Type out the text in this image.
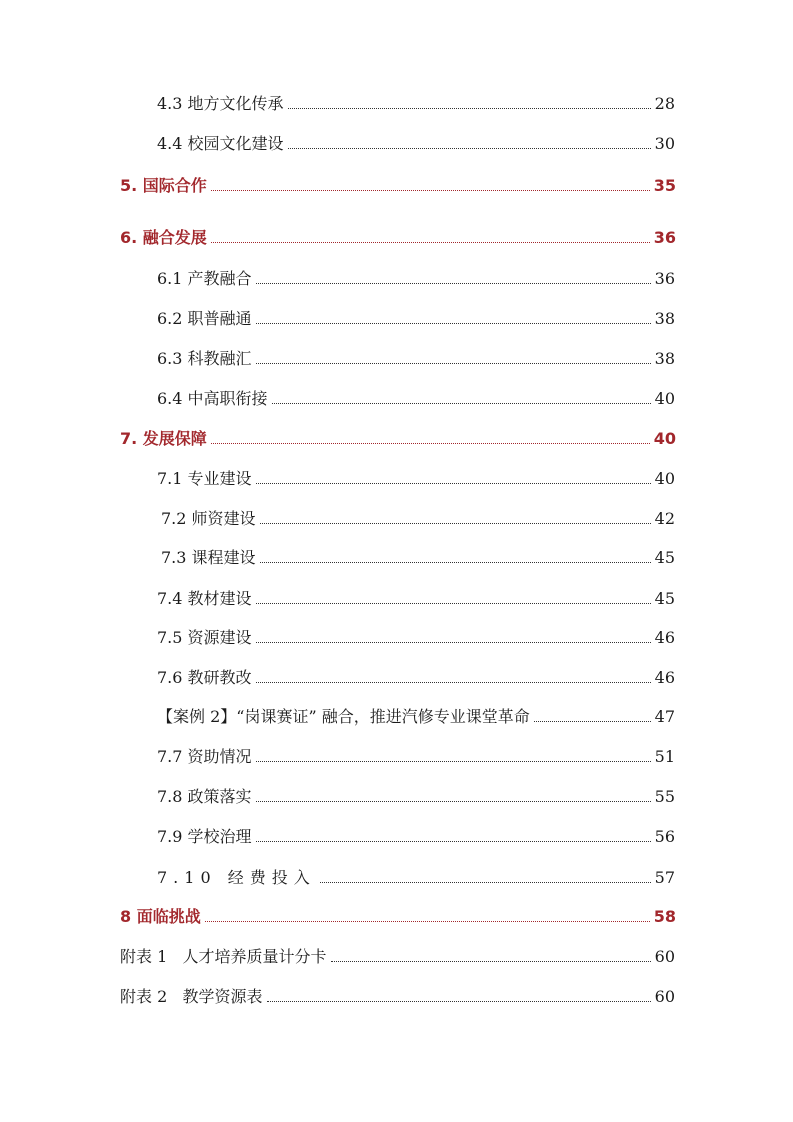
4.3 地方文化传承	28
4.4 校园文化建设	30
5. 国际合作	35
6. 融合发展	36
6.1 产教融合	36
6.2 职普融通	38
6.3 科教融汇	38
6.4 中高职衔接	40
7. 发展保障	40
7.1 专业建设	40
7.2 师资建设	42
7.3 课程建设	45
7.4 教材建设	45
7.5 资源建设	46
7.6 教研教改	46
【案例 2】“岗课赛证” 融合，推进汽修专业课堂革命	47
7.7 资助情况	51
7.8 政策落实	55
7.9 学校治理	56
7.10 经费投入	57
8 面临挑战	58
附表 1   人才培养质量计分卡	60
附表 2   教学资源表	60
